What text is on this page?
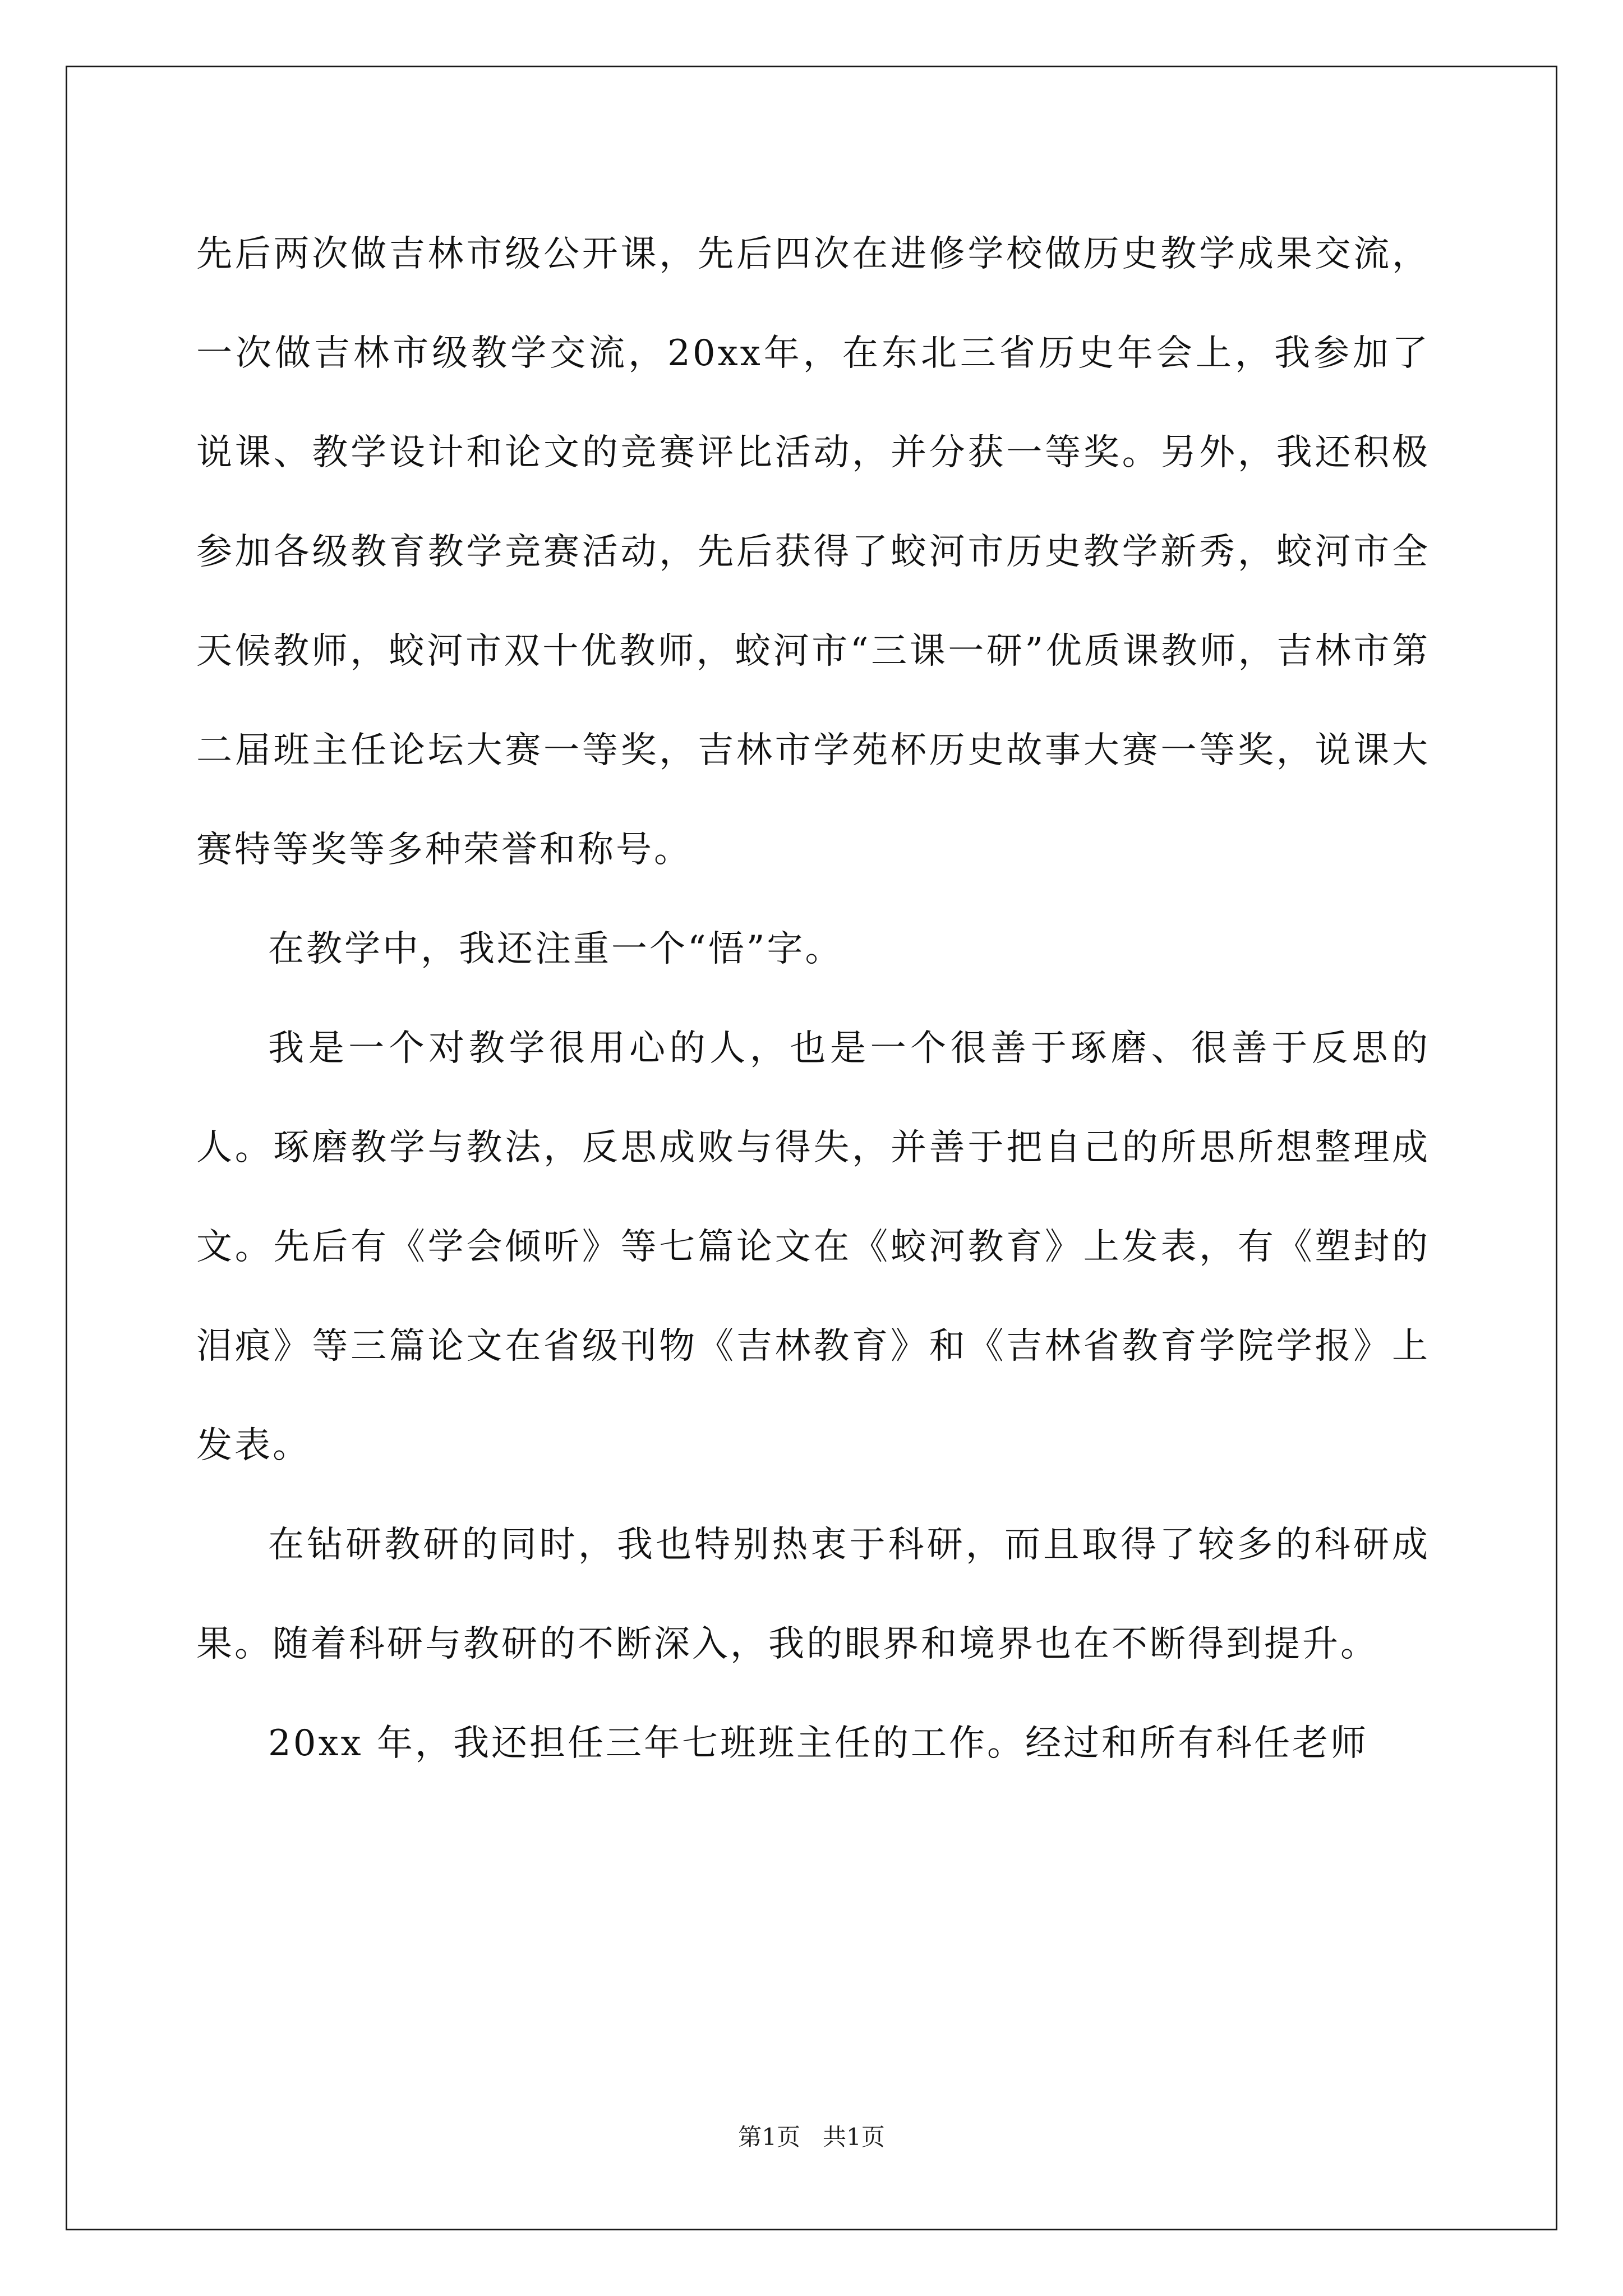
先后两次做吉林市级公开课，先后四次在进修学校做历史教学成果交流，一次做吉林市级教学交流，20xx年，在东北三省历史年会上，我参加了说课、教学设计和论文的竞赛评比活动，并分获一等奖。另外，我还积极参加各级教育教学竞赛活动，先后获得了蛟河市历史教学新秀，蛟河市全天候教师，蛟河市双十优教师，蛟河市“三课一研”优质课教师，吉林市第二届班主任论坛大赛一等奖，吉林市学苑杯历史故事大赛一等奖，说课大赛特等奖等多种荣誉和称号。

在教学中，我还注重一个“悟”字。

我是一个对教学很用心的人，也是一个很善于琢磨、很善于反思的人。琢磨教学与教法，反思成败与得失，并善于把自己的所思所想整理成文。先后有《学会倾听》等七篇论文在《蛟河教育》上发表，有《塑封的泪痕》等三篇论文在省级刊物《吉林教育》和《吉林省教育学院学报》上发表。

在钻研教研的同时，我也特别热衷于科研，而且取得了较多的科研成果。随着科研与教研的不断深入，我的眼界和境界也在不断得到提升。

20xx 年，我还担任三年七班班主任的工作。经过和所有科任老师

第1页   共1页
